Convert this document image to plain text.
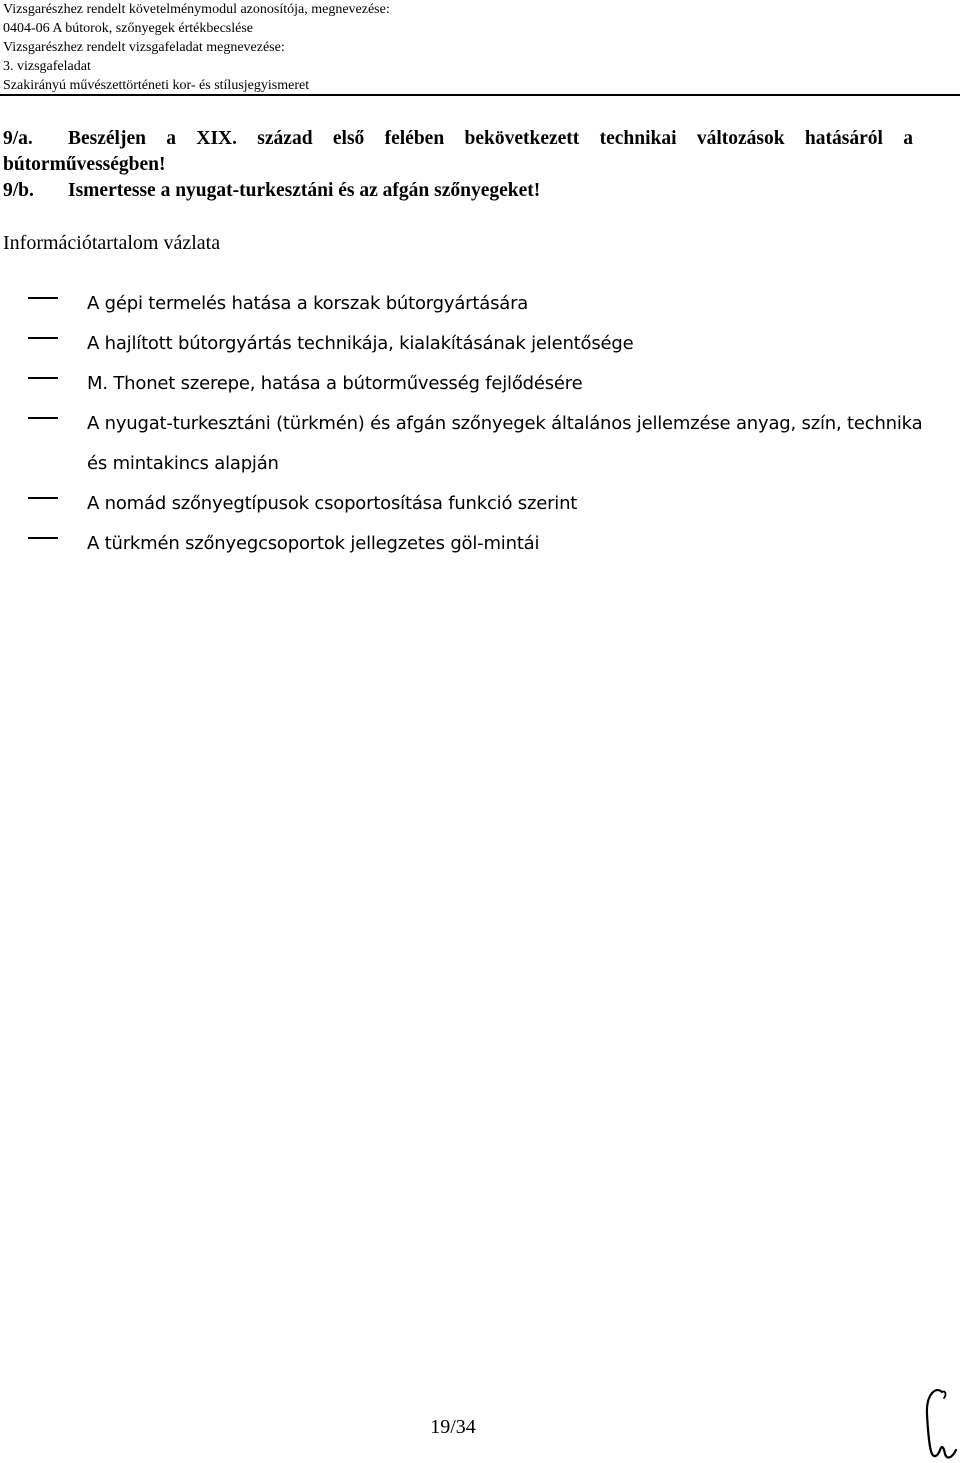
Vizsgarészhez rendelt követelménymodul azonosítója, megnevezése:
0404-06 A bútorok, szőnyegek értékbecslése
Vizsgarészhez rendelt vizsgafeladat megnevezése:
3. vizsgafeladat
Szakirányú művészettörténeti kor- és stílusjegyismeret
9/a.	Beszéljen a XIX. század első felében bekövetkezett technikai változások hatásáról a
bútorművességben!
9/b.	Ismertesse a nyugat-turkesztáni és az afgán szőnyegeket!
Információtartalom vázlata
A gépi termelés hatása a korszak bútorgyártására
A hajlított bútorgyártás technikája, kialakításának jelentősége
M. Thonet szerepe, hatása a bútorművesség fejlődésére
A nyugat-turkesztáni (türkmén) és afgán szőnyegek általános jellemzése anyag, szín, technika és mintakincs alapján
A nomád szőnyegtípusok csoportosítása funkció szerint
A türkmén szőnyegcsoportok jellegzetes göl-mintái
19/34
